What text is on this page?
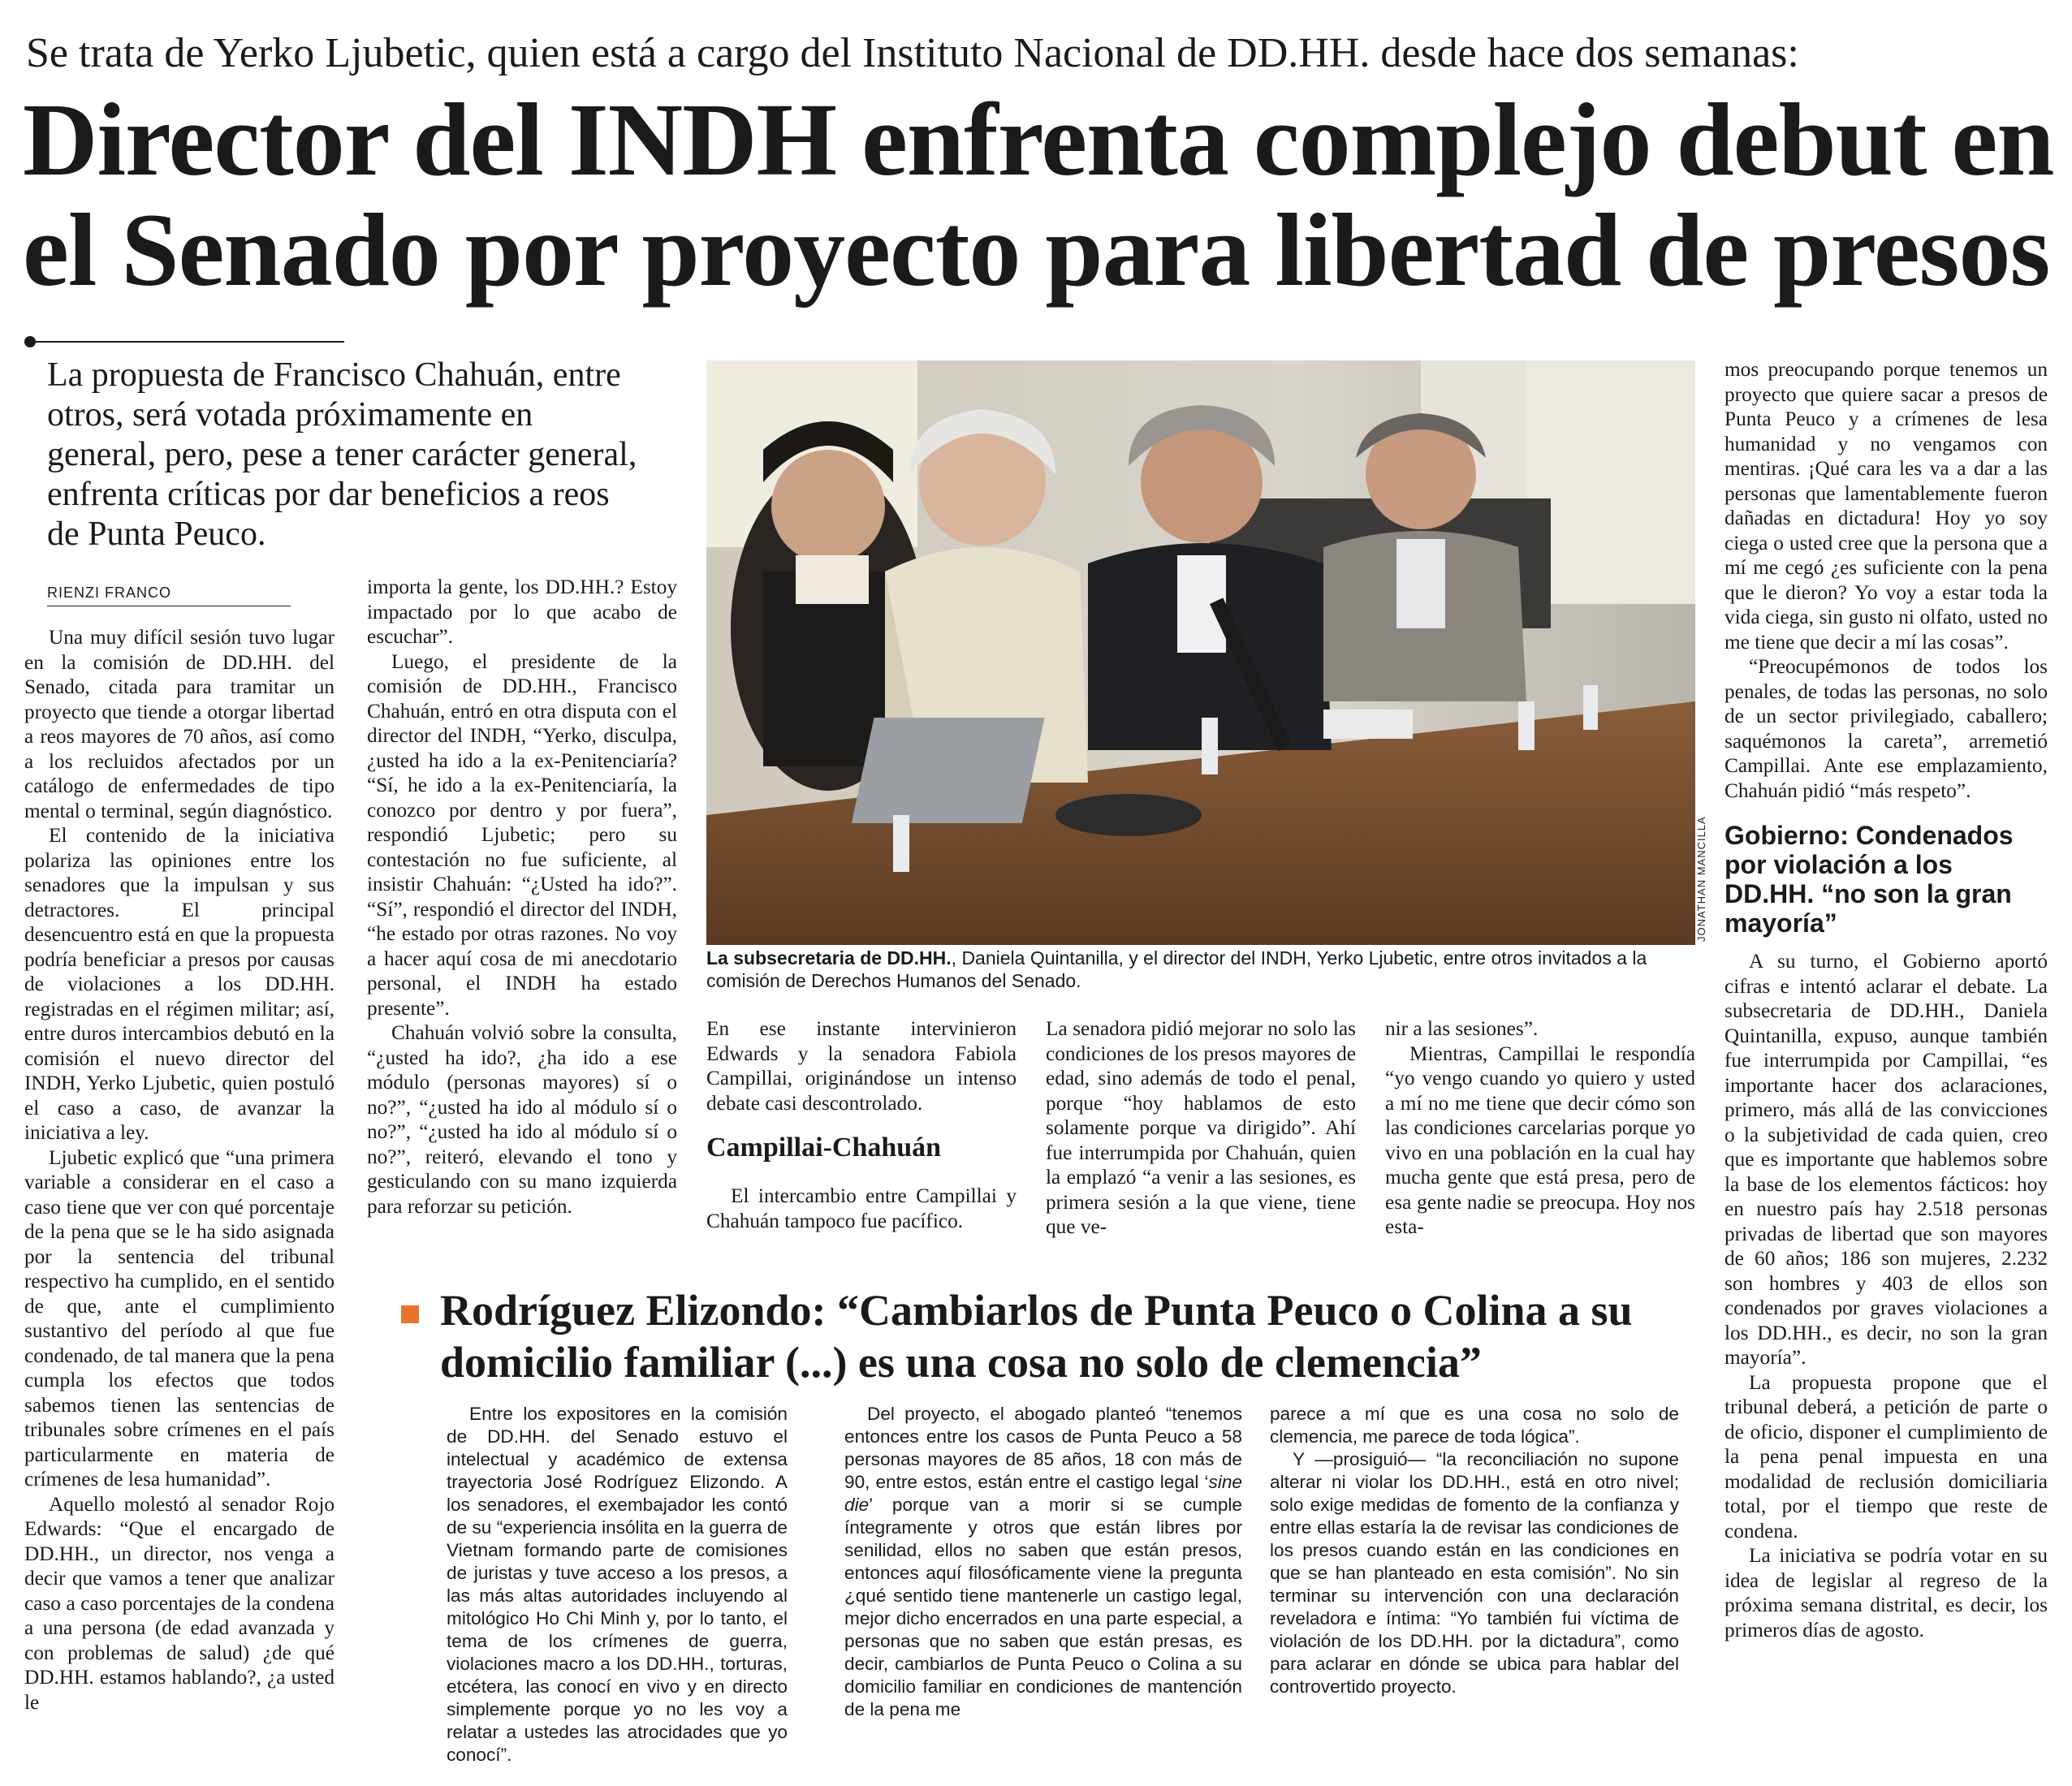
Se trata de Yerko Ljubetic, quien está a cargo del Instituto Nacional de DD.HH. desde hace dos semanas:
Director del INDH enfrenta complejo debut en
el Senado por proyecto para libertad de presos
La propuesta de Francisco Chahuán, entre otros, será votada próximamente en general, pero, pese a tener carácter general, enfrenta críticas por dar beneficios a reos de Punta Peuco.
RIENZI FRANCO

Una muy difícil sesión tuvo lugar en la comisión de DD.HH. del Senado, citada para tramitar un proyecto que tiende a otorgar libertad a reos mayores de 70 años, así como a los recluidos afectados por un catálogo de enfermedades de tipo mental o terminal, según diagnóstico.

El contenido de la iniciativa polariza las opiniones entre los senadores que la impulsan y sus detractores. El principal desencuentro está en que la propuesta podría beneficiar a presos por causas de violaciones a los DD.HH. registradas en el régimen militar; así, entre duros intercambios debutó en la comisión el nuevo director del INDH, Yerko Ljubetic, quien postuló el caso a caso, de avanzar la iniciativa a ley.

Ljubetic explicó que “una primera variable a considerar en el caso a caso tiene que ver con qué porcentaje de la pena que se le ha sido asignada por la sentencia del tribunal respectivo ha cumplido, en el sentido de que, ante el cumplimiento sustantivo del período al que fue condenado, de tal manera que la pena cumpla los efectos que todos sabemos tienen las sentencias de tribunales sobre crímenes en el país particularmente en materia de crímenes de lesa humanidad”.

Aquello molestó al senador Rojo Edwards: “Que el encargado de DD.HH., un director, nos venga a decir que vamos a tener que analizar caso a caso porcentajes de la condena a una persona (de edad avanzada y con problemas de salud) ¿de qué DD.HH. estamos hablando?, ¿a usted le

importa la gente, los DD.HH.? Estoy impactado por lo que acabo de escuchar”.

Luego, el presidente de la comisión de DD.HH., Francisco Chahuán, entró en otra disputa con el director del INDH, “Yerko, disculpa, ¿usted ha ido a la ex-Penitenciaría? “Sí, he ido a la ex-Penitenciaría, la conozco por dentro y por fuera”, respondió Ljubetic; pero su contestación no fue suficiente, al insistir Chahuán: “¿Usted ha ido?”. “Sí”, respondió el director del INDH, “he estado por otras razones. No voy a hacer aquí cosa de mi anecdotario personal, el INDH ha estado presente”.

Chahuán volvió sobre la consulta, “¿usted ha ido?, ¿ha ido a ese módulo (personas mayores) sí o no?”, “¿usted ha ido al módulo sí o no?”, “¿usted ha ido al módulo sí o no?”, reiteró, elevando el tono y gesticulando con su mano izquierda para reforzar su petición.

JONATHAN MANCILLA
La subsecretaria de DD.HH., Daniela Quintanilla, y el director del INDH, Yerko Ljubetic, entre otros invitados a la comisión de Derechos Humanos del Senado.

En ese instante intervinieron Edwards y la senadora Fabiola Campillai, originándose un intenso debate casi descontrolado.

Campillai-Chahuán

El intercambio entre Campillai y Chahuán tampoco fue pacífico.

La senadora pidió mejorar no solo las condiciones de los presos mayores de edad, sino además de todo el penal, porque “hoy hablamos de esto solamente porque va dirigido”. Ahí fue interrumpida por Chahuán, quien la emplazó “a venir a las sesiones, es primera sesión a la que viene, tiene que ve-

nir a las sesiones”.

Mientras, Campillai le respondía “yo vengo cuando yo quiero y usted a mí no me tiene que decir cómo son las condiciones carcelarias porque yo vivo en una población en la cual hay mucha gente que está presa, pero de esa gente nadie se preocupa. Hoy nos esta-

mos preocupando porque tenemos un proyecto que quiere sacar a presos de Punta Peuco y a crímenes de lesa humanidad y no vengamos con mentiras. ¡Qué cara les va a dar a las personas que lamentablemente fueron dañadas en dictadura! Hoy yo soy ciega o usted cree que la persona que a mí me cegó ¿es suficiente con la pena que le dieron? Yo voy a estar toda la vida ciega, sin gusto ni olfato, usted no me tiene que decir a mí las cosas”.

“Preocupémonos de todos los penales, de todas las personas, no solo de un sector privilegiado, caballero; saquémonos la careta”, arremetió Campillai. Ante ese emplazamiento, Chahuán pidió “más respeto”.

Gobierno: Condenados por violación a los DD.HH. “no son la gran mayoría”

A su turno, el Gobierno aportó cifras e intentó aclarar el debate. La subsecretaria de DD.HH., Daniela Quintanilla, expuso, aunque también fue interrumpida por Campillai, “es importante hacer dos aclaraciones, primero, más allá de las convicciones o la subjetividad de cada quien, creo que es importante que hablemos sobre la base de los elementos fácticos: hoy en nuestro país hay 2.518 personas privadas de libertad que son mayores de 60 años; 186 son mujeres, 2.232 son hombres y 403 de ellos son condenados por graves violaciones a los DD.HH., es decir, no son la gran mayoría”.

La propuesta propone que el tribunal deberá, a petición de parte o de oficio, disponer el cumplimiento de la pena penal impuesta en una modalidad de reclusión domiciliaria total, por el tiempo que reste de condena.

La iniciativa se podría votar en su idea de legislar al regreso de la próxima semana distrital, es decir, los primeros días de agosto.

Rodríguez Elizondo: “Cambiarlos de Punta Peuco o Colina a su
domicilio familiar (...) es una cosa no solo de clemencia”

Entre los expositores en la comisión de DD.HH. del Senado estuvo el intelectual y académico de extensa trayectoria José Rodríguez Elizondo. A los senadores, el exembajador les contó de su “experiencia insólita en la guerra de Vietnam formando parte de comisiones de juristas y tuve acceso a los presos, a las más altas autoridades incluyendo al mitológico Ho Chi Minh y, por lo tanto, el tema de los crímenes de guerra, violaciones macro a los DD.HH., torturas, etcétera, las conocí en vivo y en directo simplemente porque yo no les voy a relatar a ustedes las atrocidades que yo conocí”.

Del proyecto, el abogado planteó “tenemos entonces entre los casos de Punta Peuco a 58 personas mayores de 85 años, 18 con más de 90, entre estos, están entre el castigo legal ‘sine die’ porque van a morir si se cumple íntegramente y otros que están libres por senilidad, ellos no saben que están presos, entonces aquí filosóficamente viene la pregunta ¿qué sentido tiene mantenerle un castigo legal, mejor dicho encerrados en una parte especial, a personas que no saben que están presas, es decir, cambiarlos de Punta Peuco o Colina a su domicilio familiar en condiciones de mantención de la pena me

parece a mí que es una cosa no solo de clemencia, me parece de toda lógica”.

Y —prosiguió— “la reconciliación no supone alterar ni violar los DD.HH., está en otro nivel; solo exige medidas de fomento de la confianza y entre ellas estaría la de revisar las condiciones de los presos cuando están en las condiciones en que se han planteado en esta comisión”. No sin terminar su intervención con una declaración reveladora e íntima: “Yo también fui víctima de violación de los DD.HH. por la dictadura”, como para aclarar en dónde se ubica para hablar del controvertido proyecto.
